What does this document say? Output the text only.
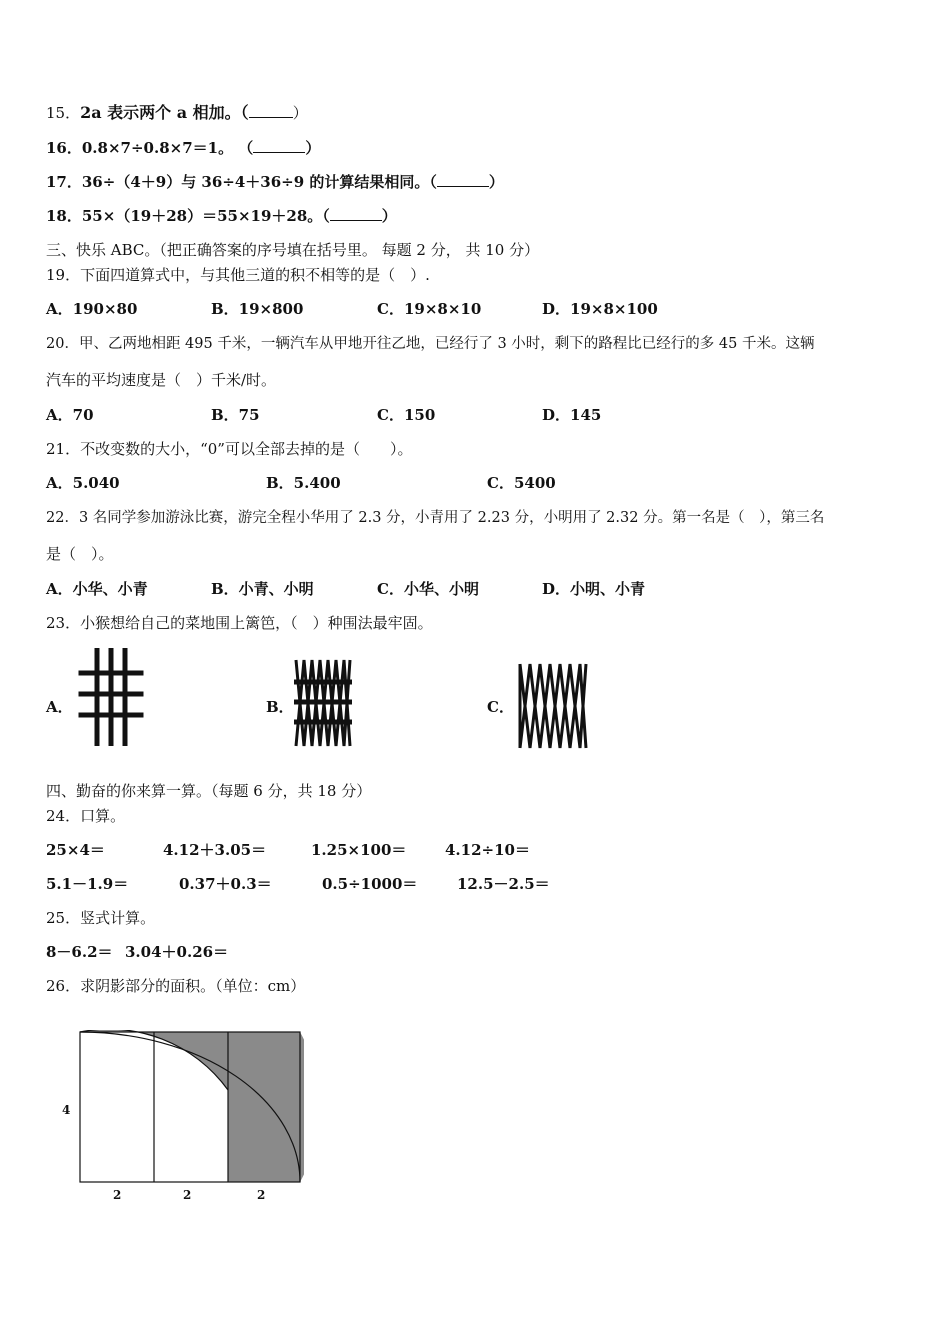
15．2a 表示两个 a 相加。（	）
16．0.8×7÷0.8×7＝1。 （	）
17．36÷（4＋9）与 36÷4＋36÷9 的计算结果相同。（	）
18．55×（19＋28）＝55×19＋28。（	）
三、快乐 ABC。（把正确答案的序号填在括号里。 每题 2 分， 共 10 分）
19．下面四道算式中，与其他三道的积不相等的是（　）.
A．190×80	B．19×800	C．19×8×10	D．19×8×100
20．甲、乙两地相距 495 千米，一辆汽车从甲地开往乙地，已经行了 3 小时，剩下的路程比已经行的多 45 千米。这辆
汽车的平均速度是（　）千米/时。
A．70	B．75	C．150	D．145
21．不改变数的大小，“0”可以全部去掉的是（　　）。
A．5.040	B．5.400	C．5400
22．3 名同学参加游泳比赛，游完全程小华用了 2.3 分，小青用了 2.23 分，小明用了 2.32 分。第一名是（　），第三名
是（　）。
A．小华、小青	B．小青、小明	C．小华、小明	D．小明、小青
23．小猴想给自己的菜地围上篱笆，（　）种围法最牢固。
A．	B．	C．
四、勤奋的你来算一算。（每题 6 分，共 18 分）
24．口算。
25×4＝	4.12＋3.05＝	1.25×100＝	4.12÷10＝
5.1－1.9＝	0.37＋0.3＝	0.5÷1000＝	12.5－2.5＝
25．竖式计算。
8－6.2＝ 3.04＋0.26＝
26．求阴影部分的面积。（单位：cm）
4
2	2	2
